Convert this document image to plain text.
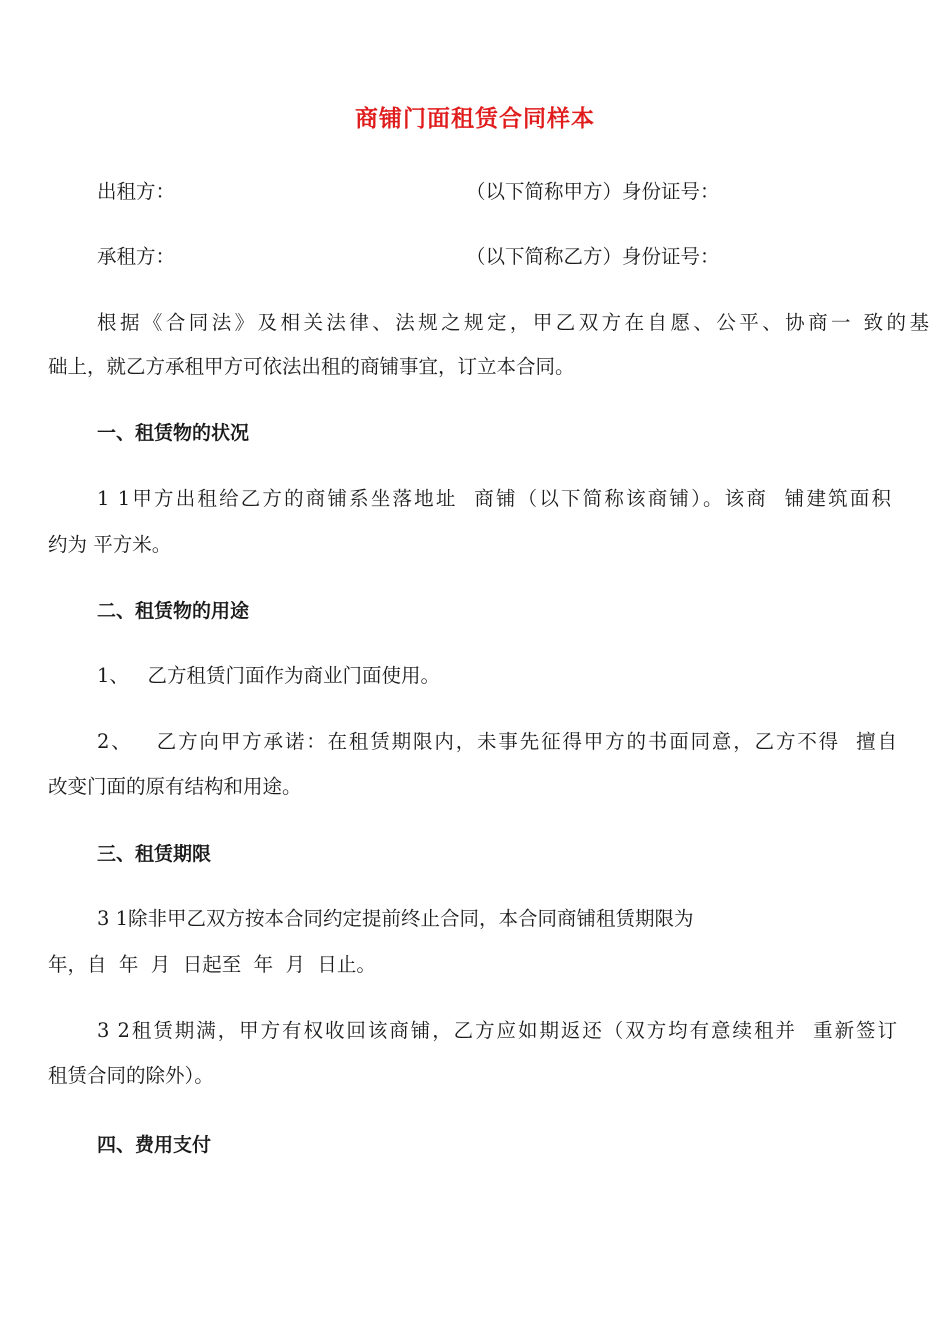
商铺门面租赁合同样本

出租方：	（以下简称甲方）身份证号：

承租方：	（以下简称乙方）身份证号：

根据《合同法》及相关法律、法规之规定，甲乙双方在自愿、公平、协商一 致的基

础上，就乙方承租甲方可依法出租的商铺事宜，订立本合同。

一、租赁物的状况

1 1甲方出租给乙方的商铺系坐落地址  商铺（以下简称该商铺）。该商  铺建筑面积

约为 平方米。

二、租赁物的用途

1、   乙方租赁门面作为商业门面使用。

2、   乙方向甲方承诺：在租赁期限内，未事先征得甲方的书面同意，乙方不得  擅自

改变门面的原有结构和用途。

三、租赁期限

3 1除非甲乙双方按本合同约定提前终止合同，本合同商铺租赁期限为

年，自  年  月  日起至  年  月  日止。

3 2租赁期满，甲方有权收回该商铺，乙方应如期返还（双方均有意续租并  重新签订

租赁合同的除外）。

四、费用支付
